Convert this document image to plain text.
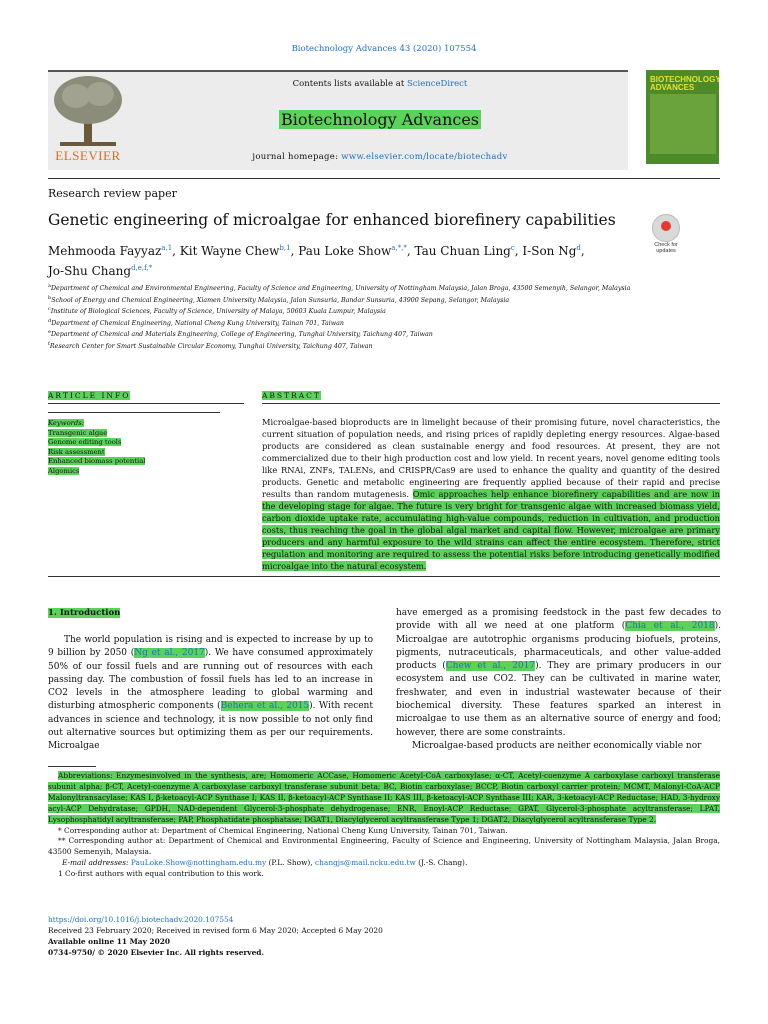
Biotechnology Advances 43 (2020) 107554
ELSEVIER
Contents lists available at ScienceDirect
Biotechnology Advances
journal homepage: www.elsevier.com/locate/biotechadv
BIOTECHNOLOGY ADVANCES
Research review paper
Genetic engineering of microalgae for enhanced biorefinery capabilities
Check for updates
Mehmooda Fayyaz$^{a,1}$, Kit Wayne Chew$^{b,1}$, Pau Loke Show$^{a,*,*}$, Tau Chuan Ling$^c$, I-Son Ng$^d$,
Jo-Shu Chang$^{d,e,f,*}$
$^a$Department of Chemical and Environmental Engineering, Faculty of Science and Engineering, University of Nottingham Malaysia, Jalan Broga, 43500 Semenyih, Selangor, Malaysia
$^b$School of Energy and Chemical Engineering, Xiamen University Malaysia, Jalan Sunsuria, Bandar Sunsuria, 43900 Sepang, Selangor, Malaysia
$^c$Institute of Biological Sciences, Faculty of Science, University of Malaya, 50603 Kuala Lumpur, Malaysia
$^d$Department of Chemical Engineering, National Cheng Kung University, Tainan 701, Taiwan
$^e$Department of Chemical and Materials Engineering, College of Engineering, Tunghai University, Taichung 407, Taiwan
$^f$Research Center for Smart Sustainable Circular Economy, Tunghai University, Taichung 407, Taiwan
ARTICLE INFO	ABSTRACT
Keywords:
Transgenic algae
Genome editing tools
Risk assessment
Enhanced biomass potential
Algomics
Microalgae-based bioproducts are in limelight because of their promising future, novel characteristics, the current situation of population needs, and rising prices of rapidly depleting energy resources. Algae-based products are considered as clean sustainable energy and food resources. At present, they are not commercialized due to their high production cost and low yield. In recent years, novel genome editing tools like RNAi, ZNFs, TALENs, and CRISPR/Cas9 are used to enhance the quality and quantity of the desired products. Genetic and metabolic engineering are frequently applied because of their rapid and precise results than random mutagenesis. Omic approaches help enhance biorefinery capabilities and are now in the developing stage for algae. The future is very bright for transgenic algae with increased biomass yield, carbon dioxide uptake rate, accumulating high-value compounds, reduction in cultivation, and production costs, thus reaching the goal in the global algal market and capital flow. However, microalgae are primary producers and any harmful exposure to the wild strains can affect the entire ecosystem. Therefore, strict regulation and monitoring are required to assess the potential risks before introducing genetically modified microalgae into the natural ecosystem.
1. Introduction

The world population is rising and is expected to increase by up to 9 billion by 2050 (Ng et al., 2017). We have consumed approximately 50% of our fossil fuels and are running out of resources with each passing day. The combustion of fossil fuels has led to an increase in CO2 levels in the atmosphere leading to global warming and disturbing atmospheric components (Behera et al., 2015). With recent advances in science and technology, it is now possible to not only find out alternative sources but optimizing them as per our requirements. Microalgae

have emerged as a promising feedstock in the past few decades to provide with all we need at one platform (Chia et al., 2018). Microalgae are autotrophic organisms producing biofuels, proteins, pigments, nutraceuticals, pharmaceuticals, and other value-added products (Chew et al., 2017). They are primary producers in our ecosystem and use CO2. They can be cultivated in marine water, freshwater, and even in industrial wastewater because of their biochemical diversity. These features sparked an interest in microalgae to use them as an alternative source of energy and food; however, there are some constraints.

Microalgae-based products are neither economically viable nor

Abbreviations: Enzymesinvolved in the synthesis, are; Homomeric ACCase, Homomeric Acetyl-CoA carboxylase; α-CT, Acetyl-coenzyme A carboxylase carboxyl transferase subunit alpha; β-CT, Acetyl-coenzyme A carboxylase carboxyl transferase subunit beta; BC, Biotin carboxylase; BCCP, Biotin carboxyl carrier protein; MCMT, Malonyl-CoA-ACP Malonyltransacylase; KAS I, β-ketoacyl-ACP Synthase I; KAS II, β-ketoacyl-ACP Synthase II; KAS III, β-ketoacyl-ACP Synthase III; KAR, 3-ketoacyl-ACP Reductase; HAD, 3-hydroxy acyl-ACP Dehydratase; GPDH, NAD-dependent Glycerol-3-phosphate dehydrogenase; ENR, Enoyl-ACP Reductase; GPAT, Glycerol-3-phosphate acyltransferase; LPAT, Lysophosphatidyl acyltransferase; PAP, Phosphatidate phosphatase; DGAT1, Diacylglycerol acyltransferase Type 1; DGAT2, Diacylglycerol acyltransferase Type 2.

* Corresponding author at: Department of Chemical Engineering, National Cheng Kung University, Tainan 701, Taiwan.

** Corresponding author at: Department of Chemical and Environmental Engineering, Faculty of Science and Engineering, University of Nottingham Malaysia, Jalan Broga, 43500 Semenyih, Malaysia.

E-mail addresses: PauLoke.Show@nottingham.edu.my (P.L. Show), changjs@mail.ncku.edu.tw (J.-S. Chang).

1 Co-first authors with equal contribution to this work.

https://doi.org/10.1016/j.biotechadv.2020.107554

Received 23 February 2020; Received in revised form 6 May 2020; Accepted 6 May 2020

Available online 11 May 2020

0734-9750/ © 2020 Elsevier Inc. All rights reserved.
